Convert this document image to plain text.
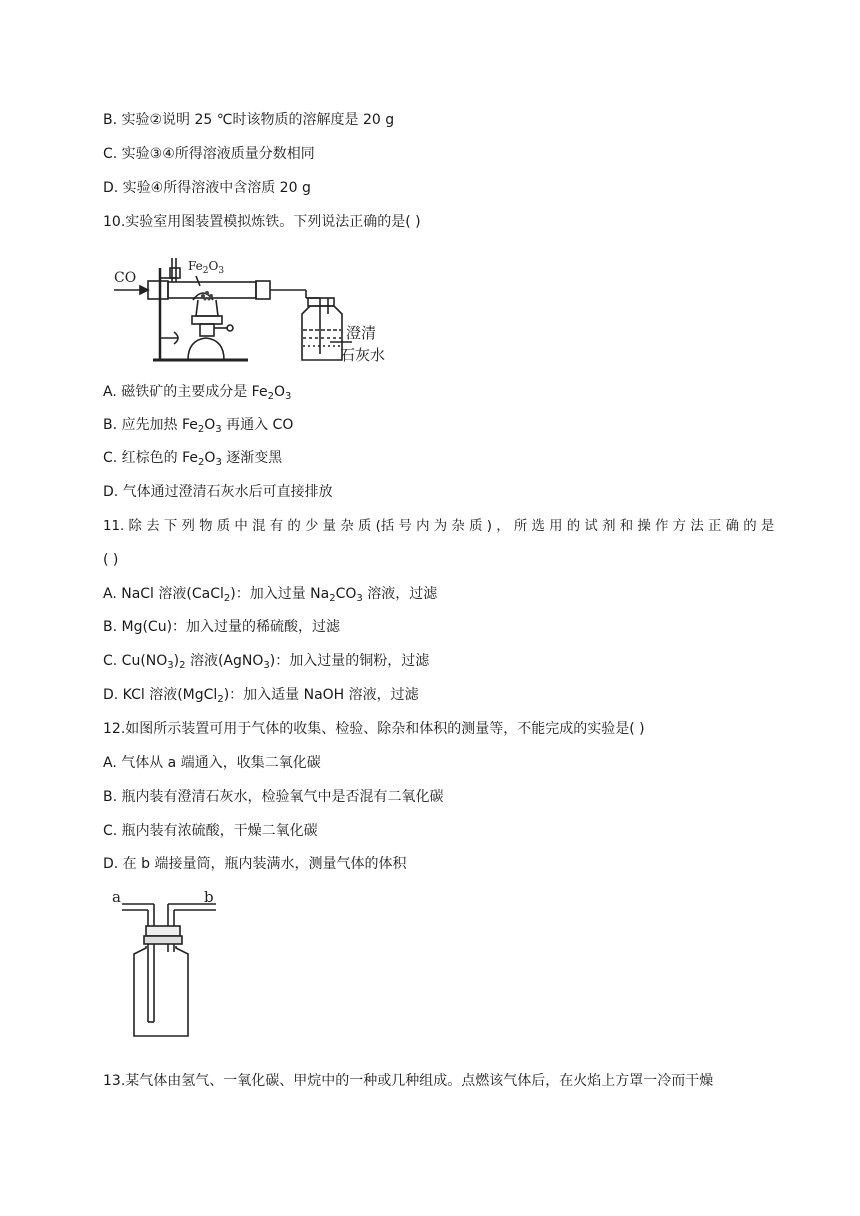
B. 实验②说明 25 ℃时该物质的溶解度是 20 g
C. 实验③④所得溶液质量分数相同
D. 实验④所得溶液中含溶质 20 g
10.实验室用图装置模拟炼铁。下列说法正确的是( )
CO
$Fe_2O_3$
澄清
石灰水
A. 磁铁矿的主要成分是 $Fe_2O_3$
B. 应先加热 $Fe_2O_3$ 再通入 CO
C. 红棕色的 $Fe_2O_3$ 逐渐变黑
D. 气体通过澄清石灰水后可直接排放
11. 除 去 下 列 物 质 中 混 有 的 少 量 杂 质 (括 号 内 为 杂 质 ) ， 所 选 用 的 试 剂 和 操 作 方 法 正 确 的 是
( )
A. NaCl 溶液(CaCl$_2$)：加入过量 $Na_2CO_3$ 溶液，过滤
B. Mg(Cu)：加入过量的稀硫酸，过滤
C. $Cu(NO_3)_2$ 溶液(AgNO$_3$)：加入过量的铜粉，过滤
D. KCl 溶液(MgCl$_2$)：加入适量 NaOH 溶液，过滤
12.如图所示装置可用于气体的收集、检验、除杂和体积的测量等，不能完成的实验是( )
A. 气体从 a 端通入，收集二氧化碳
B. 瓶内装有澄清石灰水，检验氧气中是否混有二氧化碳
C. 瓶内装有浓硫酸，干燥二氧化碳
D. 在 b 端接量筒，瓶内装满水，测量气体的体积
a	b
13.某气体由氢气、一氧化碳、甲烷中的一种或几种组成。点燃该气体后，在火焰上方罩一冷而干燥
